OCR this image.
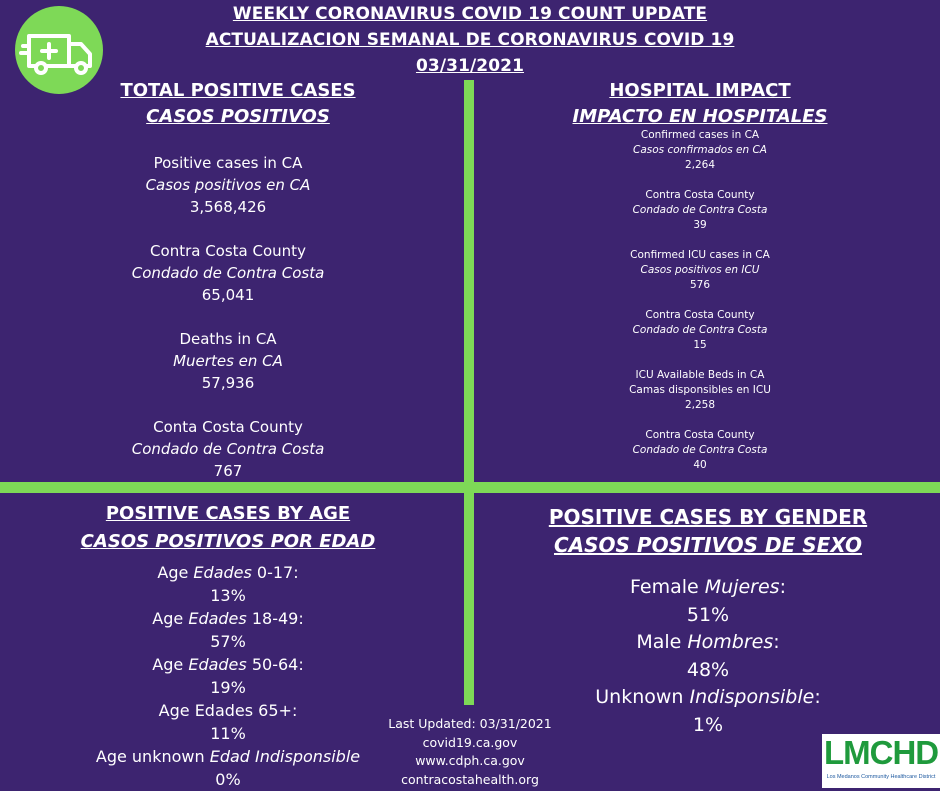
WEEKLY CORONAVIRUS COVID 19 COUNT UPDATE
ACTUALIZACION SEMANAL DE CORONAVIRUS COVID 19
03/31/2021
TOTAL POSITIVE CASES
CASOS POSITIVOS

Positive cases in CA

Casos positivos en CA

3,568,426

Contra Costa County

Condado de Contra Costa

65,041

Deaths in CA

Muertes en CA

57,936

Conta Costa County

Condado de Contra Costa

767

HOSPITAL IMPACT
IMPACTO EN HOSPITALES

Confirmed cases in CA

Casos confirmados en CA

2,264

Contra Costa County

Condado de Contra Costa

39

Confirmed ICU cases in CA

Casos positivos en ICU

576

Contra Costa County

Condado de Contra Costa

15

ICU Available Beds in CA

Camas disponsibles en ICU

2,258

Contra Costa County

Condado de Contra Costa

40

POSITIVE CASES BY AGE
CASOS POSITIVOS POR EDAD

Age Edades 0-17:

13%

Age Edades 18-49:

57%

Age Edades 50-64:

19%

Age Edades 65+:

11%

Age unknown Edad Indisponsible

0%

POSITIVE CASES BY GENDER
CASOS POSITIVOS DE SEXO

Female Mujeres:

51%

Male Hombres:

48%

Unknown Indisponsible:

1%

Last Updated: 03/31/2021

covid19.ca.gov

www.cdph.ca.gov

contracostahealth.org

LMCHD
Los Medanos Community Healthcare District
